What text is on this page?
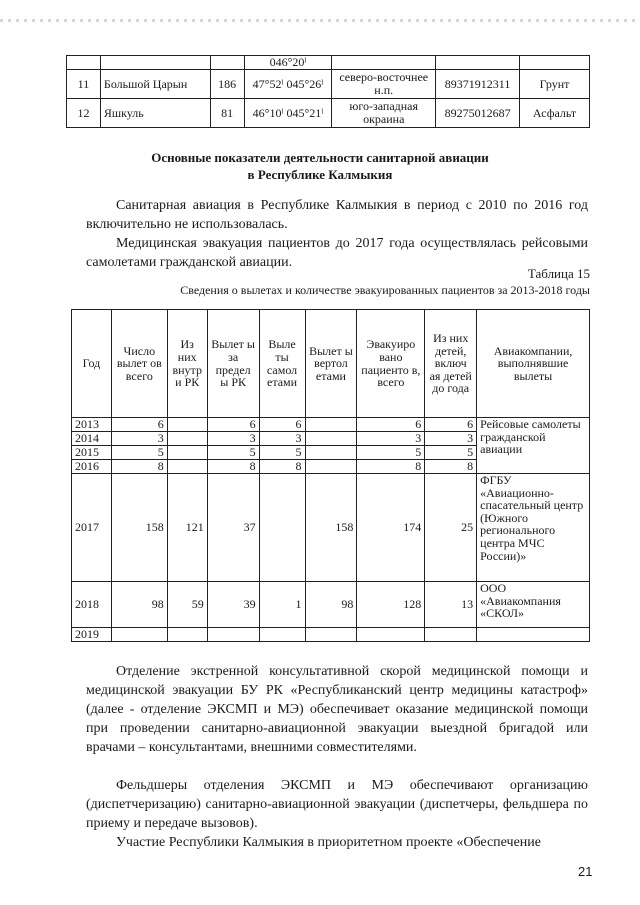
			046°20ˡ			
11	Большой Царын	186	47°52ˡ 045°26ˡ	северо-восточнее н.п.	89371912311	Грунт
12	Яшкуль	81	46°10ˡ 045°21ˡ	юго-западная окраина	89275012687	Асфальт
Основные показатели деятельности санитарной авиации
в Республике Калмыкия

Санитарная авиация в Республике Калмыкия в период с 2010 по 2016 год включительно не использовалась.

Медицинская эвакуация пациентов до 2017 года осуществлялась рейсовыми самолетами гражданской авиации.

Таблица 15

Сведения о вылетах и количестве эвакуированных пациентов за 2013-2018 годы

Год	Число вылет ов всего	Из них внутр и РК	Вылет ы за предел ы РК	Выле ты самол етами	Вылет ы вертол етами	Эвакуиро вано пациенто в, всего	Из них детей, включ ая детей до года	Авиакомпании, выполнявшие вылеты
2013	6		6	6		6	6	Рейсовые самолеты гражданской авиации
2014	3		3	3		3	3	
2015	5		5	5		5	5	
2016	8		8	8		8	8	
2017	158	121	37		158	174	25	ФГБУ «Авиационно-спасательный центр (Южного регионального центра МЧС России)»
2018	98	59	39	1	98	128	13	ООО «Авиакомпания «СКОЛ»
2019								

Отделение экстренной консультативной скорой медицинской помощи и медицинской эвакуации БУ РК «Республиканский центр медицины катастроф» (далее - отделение ЭКСМП и МЭ) обеспечивает оказание медицинской помощи при проведении санитарно-авиационной эвакуации выездной бригадой или врачами – консультантами, внешними совместителями.

Фельдшеры отделения ЭКСМП и МЭ обеспечивают организацию (диспетчеризацию) санитарно-авиационной эвакуации (диспетчеры, фельдшера по приему и передаче вызовов).

Участие Республики Калмыкия в приоритетном проекте «Обеспечение

21
